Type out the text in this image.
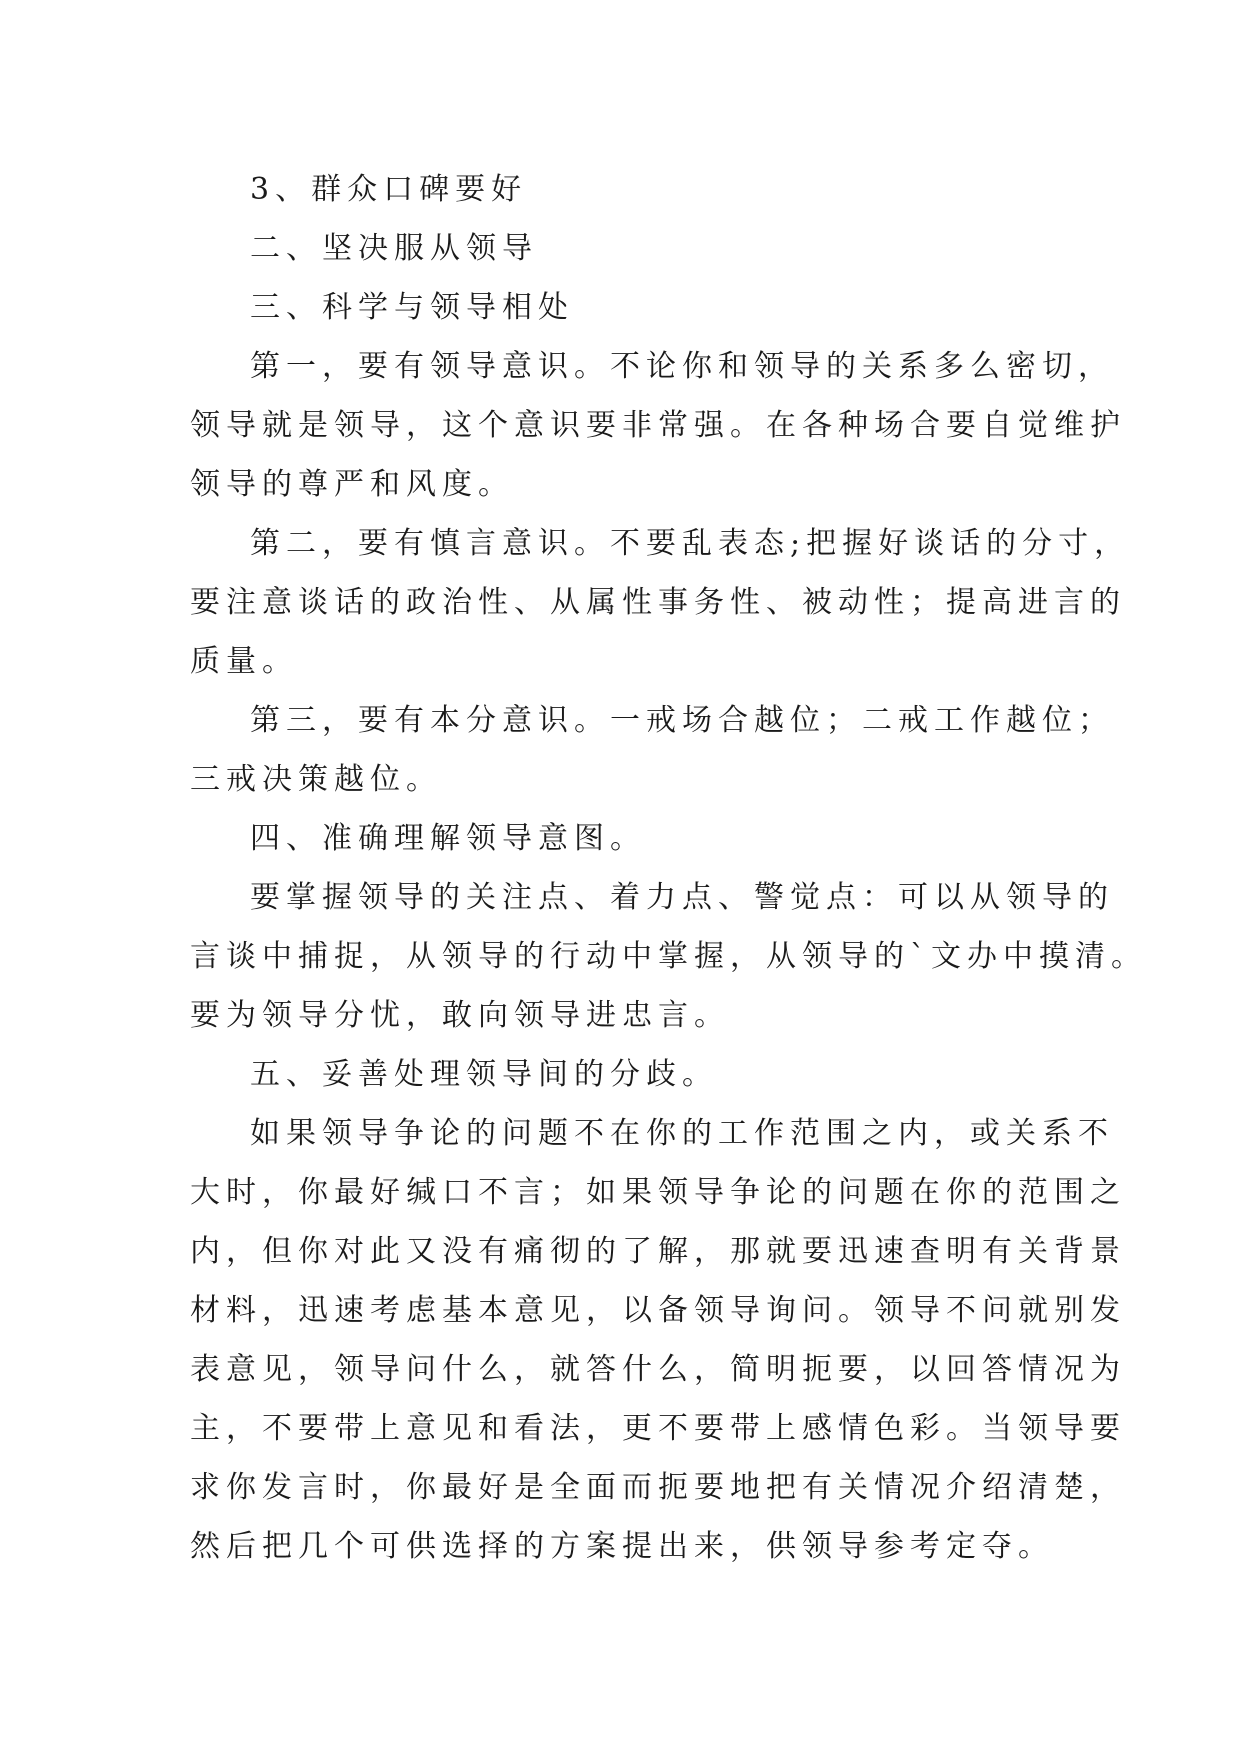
3、群众口碑要好
二、坚决服从领导
三、科学与领导相处
第一，要有领导意识。不论你和领导的关系多么密切，
领导就是领导，这个意识要非常强。在各种场合要自觉维护
领导的尊严和风度。
第二，要有慎言意识。不要乱表态;把握好谈话的分寸，
要注意谈话的政治性、从属性事务性、被动性；提高进言的
质量。
第三，要有本分意识。一戒场合越位；二戒工作越位；
三戒决策越位。
四、准确理解领导意图。
要掌握领导的关注点、着力点、警觉点：可以从领导的
言谈中捕捉，从领导的行动中掌握，从领导的`文办中摸清。
要为领导分忧，敢向领导进忠言。
五、妥善处理领导间的分歧。
如果领导争论的问题不在你的工作范围之内，或关系不
大时，你最好缄口不言；如果领导争论的问题在你的范围之
内，但你对此又没有痛彻的了解，那就要迅速查明有关背景
材料，迅速考虑基本意见，以备领导询问。领导不问就别发
表意见，领导问什么，就答什么，简明扼要，以回答情况为
主，不要带上意见和看法，更不要带上感情色彩。当领导要
求你发言时，你最好是全面而扼要地把有关情况介绍清楚，
然后把几个可供选择的方案提出来，供领导参考定夺。
